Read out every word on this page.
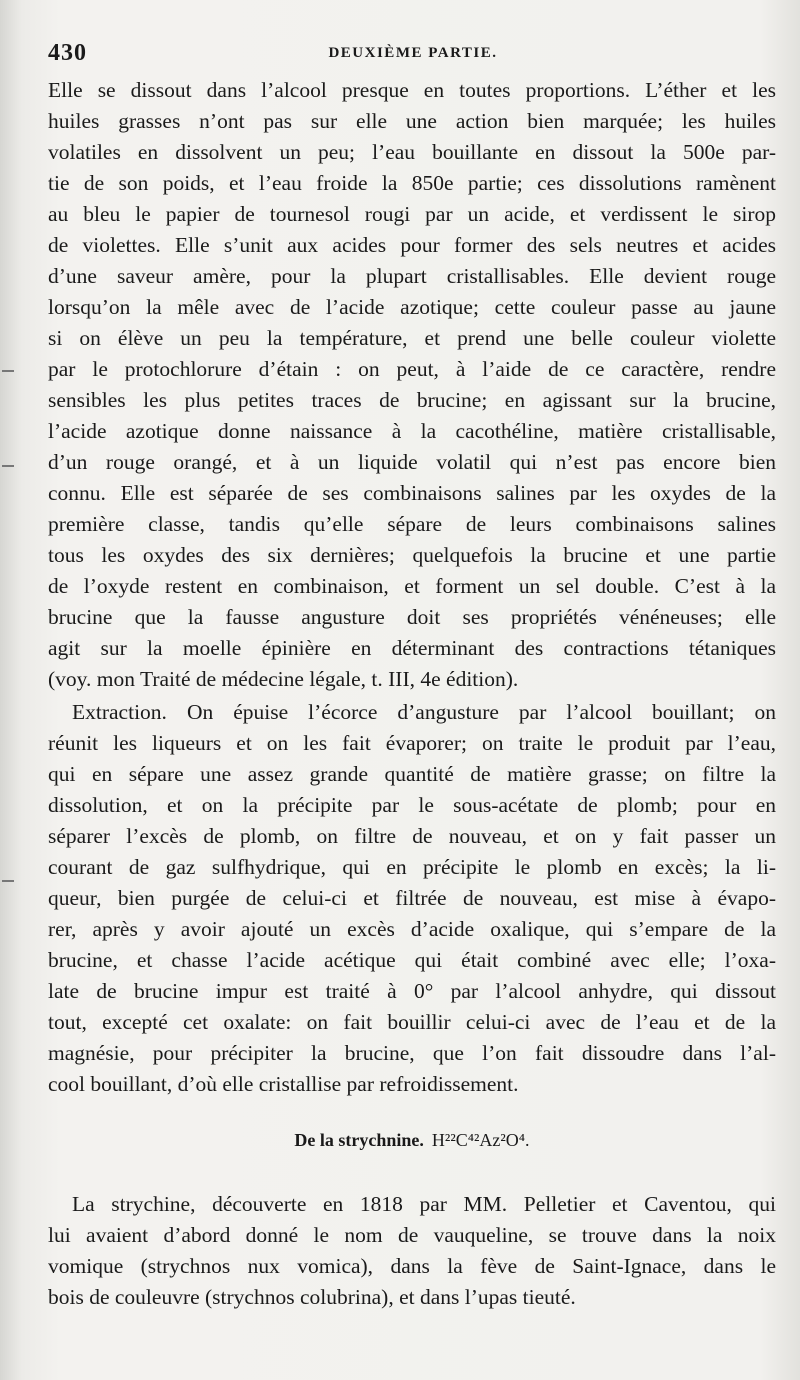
430	DEUXIÈME PARTIE.
Elle se dissout dans l’alcool presque en toutes proportions. L’éther et les
huiles grasses n’ont pas sur elle une action bien marquée; les huiles
volatiles en dissolvent un peu; l’eau bouillante en dissout la 500e par-
tie de son poids, et l’eau froide la 850e partie; ces dissolutions ramènent
au bleu le papier de tournesol rougi par un acide, et verdissent le sirop
de violettes. Elle s’unit aux acides pour former des sels neutres et acides
d’une saveur amère, pour la plupart cristallisables. Elle devient rouge
lorsqu’on la mêle avec de l’acide azotique; cette couleur passe au jaune
si on élève un peu la température, et prend une belle couleur violette
par le protochlorure d’étain : on peut, à l’aide de ce caractère, rendre
sensibles les plus petites traces de brucine; en agissant sur la brucine,
l’acide azotique donne naissance à la cacothéline, matière cristallisable,
d’un rouge orangé, et à un liquide volatil qui n’est pas encore bien
connu. Elle est séparée de ses combinaisons salines par les oxydes de la
première classe, tandis qu’elle sépare de leurs combinaisons salines
tous les oxydes des six dernières; quelquefois la brucine et une partie
de l’oxyde restent en combinaison, et forment un sel double. C’est à la
brucine que la fausse angusture doit ses propriétés vénéneuses; elle
agit sur la moelle épinière en déterminant des contractions tétaniques
(voy. mon Traité de médecine légale, t. III, 4e édition).
Extraction. On épuise l’écorce d’angusture par l’alcool bouillant; on
réunit les liqueurs et on les fait évaporer; on traite le produit par l’eau,
qui en sépare une assez grande quantité de matière grasse; on filtre la
dissolution, et on la précipite par le sous-acétate de plomb; pour en
séparer l’excès de plomb, on filtre de nouveau, et on y fait passer un
courant de gaz sulfhydrique, qui en précipite le plomb en excès; la li-
queur, bien purgée de celui-ci et filtrée de nouveau, est mise à évapo-
rer, après y avoir ajouté un excès d’acide oxalique, qui s’empare de la
brucine, et chasse l’acide acétique qui était combiné avec elle; l’oxa-
late de brucine impur est traité à 0° par l’alcool anhydre, qui dissout
tout, excepté cet oxalate: on fait bouillir celui-ci avec de l’eau et de la
magnésie, pour précipiter la brucine, que l’on fait dissoudre dans l’al-
cool bouillant, d’où elle cristallise par refroidissement.
De la strychnine. H²²C⁴²Az²O⁴.
La strychine, découverte en 1818 par MM. Pelletier et Caventou, qui
lui avaient d’abord donné le nom de vauqueline, se trouve dans la noix
vomique (strychnos nux vomica), dans la fève de Saint-Ignace, dans le
bois de couleuvre (strychnos colubrina), et dans l’upas tieuté.
